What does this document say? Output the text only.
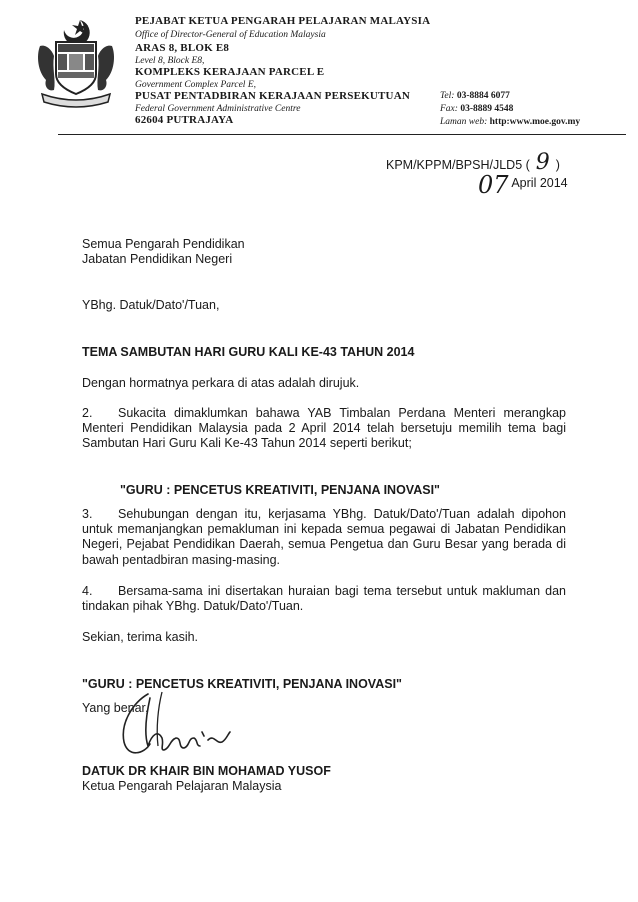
PEJABAT KETUA PENGARAH PELAJARAN MALAYSIA
Office of Director-General of Education Malaysia
ARAS 8, BLOK E8
Level 8, Block E8,
KOMPLEKS KERAJAAN PARCEL E
Government Complex Parcel E,
PUSAT PENTADBIRAN KERAJAAN PERSEKUTUAN
Federal Government Administrative Centre
62604 PUTRAJAYA
Tel: 03-8884 6077
Fax: 03-8889 4548
Laman web: http:www.moe.gov.my
KPM/KPPM/BPSH/JLD5 ( 9 )
07 April 2014
Semua Pengarah Pendidikan
Jabatan Pendidikan Negeri
YBhg. Datuk/Dato'/Tuan,
TEMA SAMBUTAN HARI GURU KALI KE-43 TAHUN 2014
Dengan hormatnya perkara di atas adalah dirujuk.
2.	Sukacita dimaklumkan bahawa YAB Timbalan Perdana Menteri merangkap Menteri Pendidikan Malaysia pada 2 April 2014 telah bersetuju memilih tema bagi Sambutan Hari Guru Kali Ke-43 Tahun 2014 seperti berikut;
"GURU : PENCETUS KREATIVITI, PENJANA INOVASI"
3.	Sehubungan dengan itu, kerjasama YBhg. Datuk/Dato'/Tuan adalah dipohon untuk memanjangkan pemakluman ini kepada semua pegawai di Jabatan Pendidikan Negeri, Pejabat Pendidikan Daerah, semua Pengetua dan Guru Besar yang berada di bawah pentadbiran masing-masing.
4.	Bersama-sama ini disertakan huraian bagi tema tersebut untuk makluman dan tindakan pihak YBhg. Datuk/Dato'/Tuan.
Sekian, terima kasih.
"GURU : PENCETUS KREATIVITI, PENJANA INOVASI"
Yang benar,
DATUK DR KHAIR BIN MOHAMAD YUSOF
Ketua Pengarah Pelajaran Malaysia
